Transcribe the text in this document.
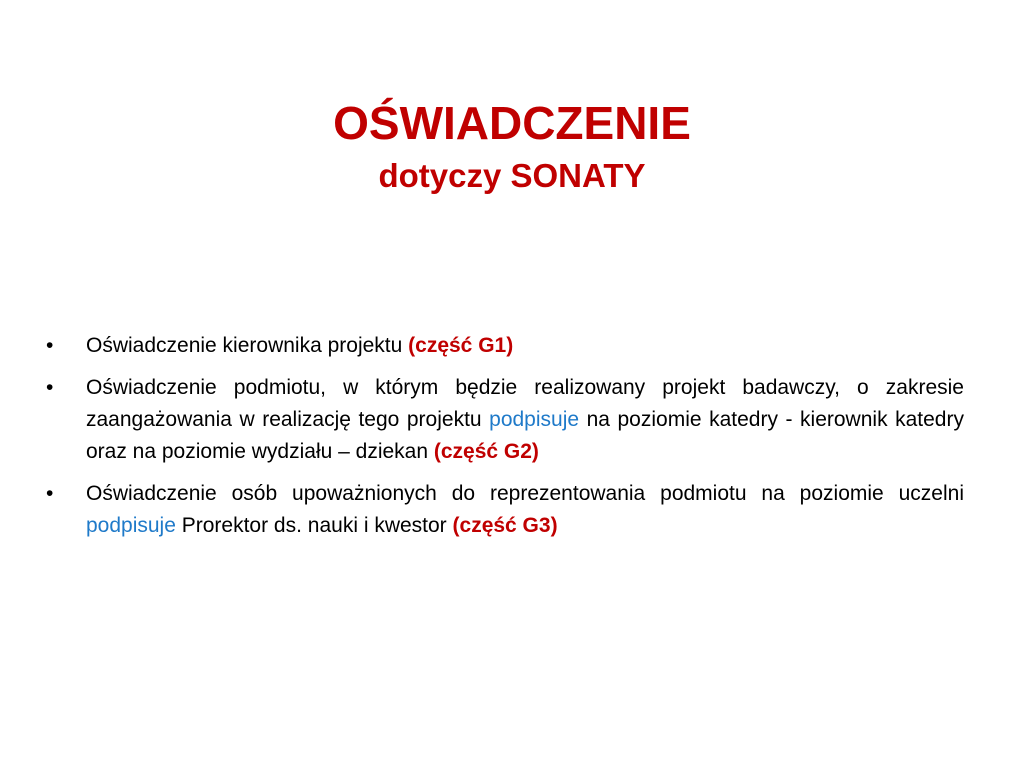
OŚWIADCZENIE
dotyczy SONATY
•	Oświadczenie kierownika projektu (część G1)
•	Oświadczenie podmiotu, w którym będzie realizowany projekt badawczy, o zakresie zaangażowania w realizację tego projektu podpisuje na poziomie katedry - kierownik katedry oraz na poziomie wydziału – dziekan (część G2)
•	Oświadczenie osób upoważnionych do reprezentowania podmiotu na poziomie uczelni podpisuje Prorektor ds. nauki i kwestor (część G3)
